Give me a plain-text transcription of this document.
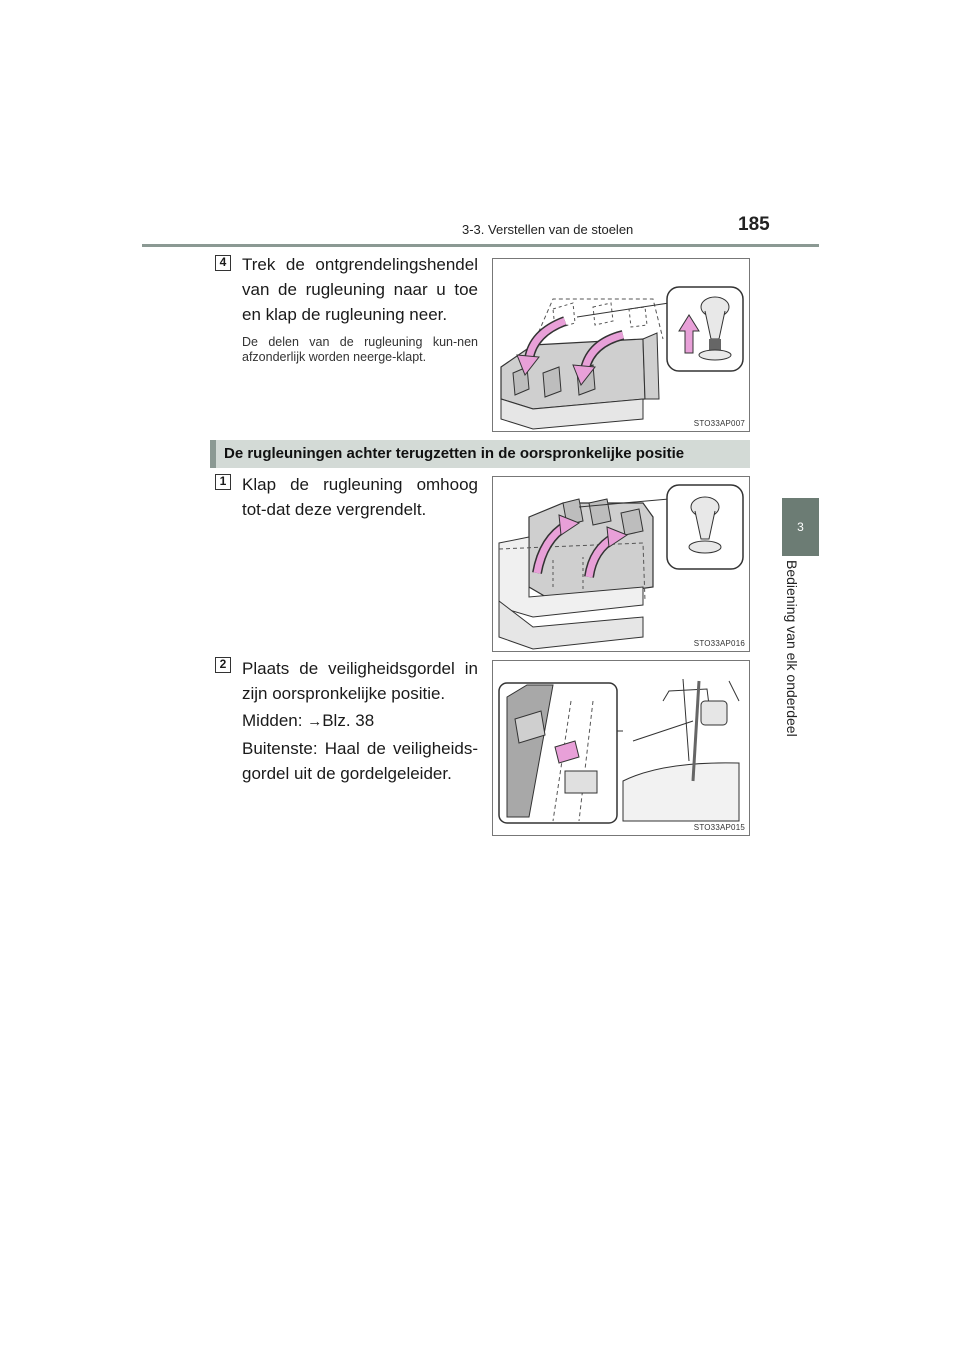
3-3. Verstellen van de stoelen	185
3
Bediening van elk onderdeel
4 Trek de ontgrendelingshendel van de rugleuning naar u toe en klap de rugleuning neer.
De delen van de rugleuning kun-nen afzonderlijk worden neerge-klapt.
STO33AP007
De rugleuningen achter terugzetten in de oorspronkelijke positie
1 Klap de rugleuning omhoog tot-dat deze vergrendelt.
STO33AP016
2 Plaats de veiligheidsgordel in zijn oorspronkelijke positie.
Midden: →Blz. 38
Buitenste: Haal de veiligheids-gordel uit de gordelgeleider.
STO33AP015
